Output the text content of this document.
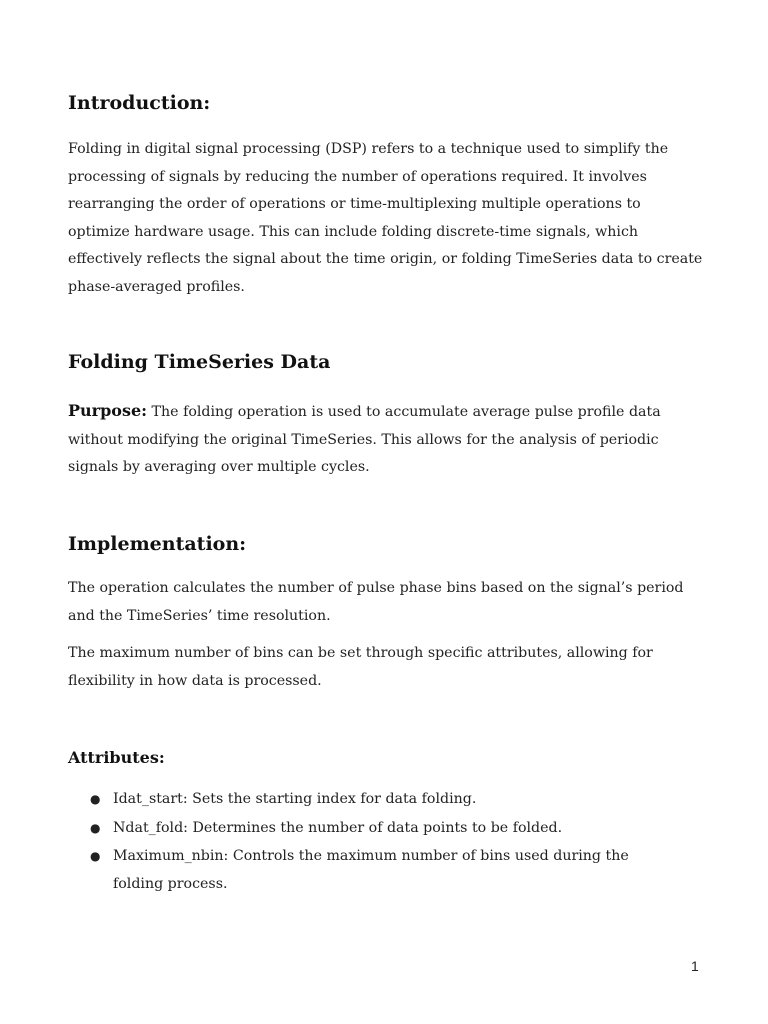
Introduction:

Folding in digital signal processing (DSP) refers to a technique used to simplify the processing of signals by reducing the number of operations required. It involves rearranging the order of operations or time-multiplexing multiple operations to optimize hardware usage. This can include folding discrete-time signals, which effectively reflects the signal about the time origin, or folding TimeSeries data to create phase-averaged profiles.

Folding TimeSeries Data

Purpose: The folding operation is used to accumulate average pulse profile data without modifying the original TimeSeries. This allows for the analysis of periodic signals by averaging over multiple cycles.

Implementation:

The operation calculates the number of pulse phase bins based on the signal’s period and the TimeSeries’ time resolution.

The maximum number of bins can be set through specific attributes, allowing for flexibility in how data is processed.

Attributes:
● Idat_start: Sets the starting index for data folding.
● Ndat_fold: Determines the number of data points to be folded.
● Maximum_nbin: Controls the maximum number of bins used during the folding process.
1
